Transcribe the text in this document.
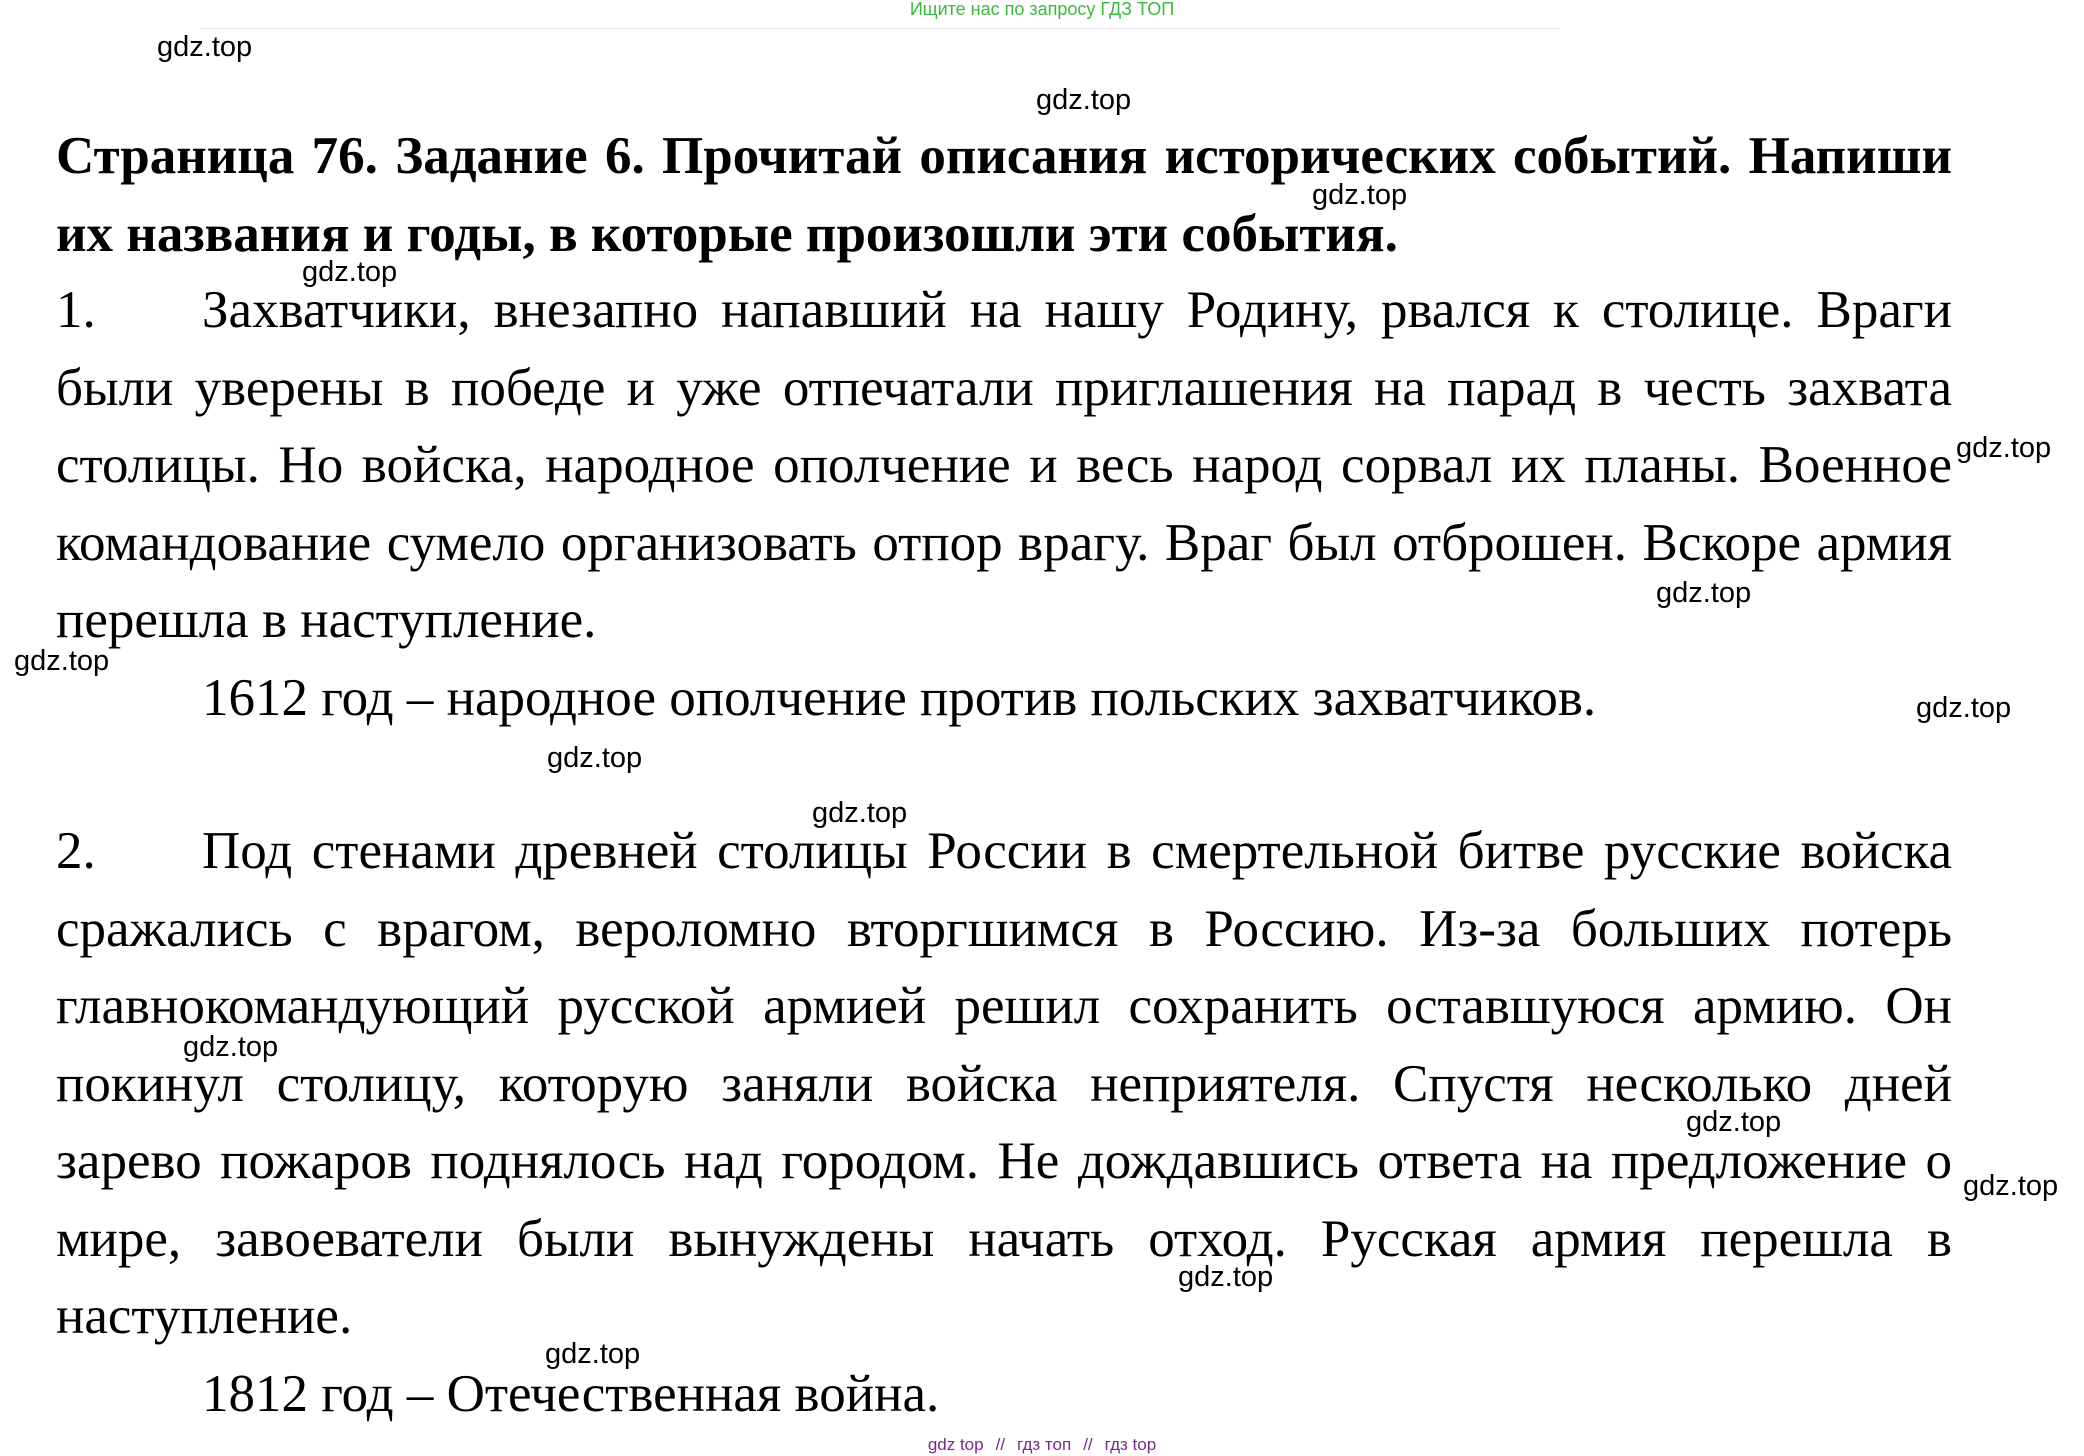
Ищите нас по запросу ГДЗ ТОП
Страница 76. Задание 6. Прочитай описания исторических событий. Напиши их названия и годы, в которые произошли эти события.
1. Захватчики, внезапно напавший на нашу Родину, рвался к столице. Враги были уверены в победе и уже отпечатали приглашения на парад в честь захвата столицы. Но войска, народное ополчение и весь народ сорвал их планы. Военное командование сумело организовать отпор врагу. Враг был отброшен. Вскоре армия перешла в наступление.
1612 год – народное ополчение против польских захватчиков.
2. Под стенами древней столицы России в смертельной битве русские войска сражались с врагом, вероломно вторгшимся в Россию. Из-за больших потерь главнокомандующий русской армией решил сохранить оставшуюся армию. Он покинул столицу, которую заняли войска неприятеля. Спустя несколько дней зарево пожаров поднялось над городом. Не дождавшись ответа на предложение о мире, завоеватели были вынуждены начать отход. Русская армия перешла в наступление.
1812 год – Отечественная война.
gdz.top
gdz.top
gdz.top
gdz.top
gdz.top
gdz.top
gdz.top
gdz.top
gdz.top
gdz.top
gdz.top
gdz.top
gdz.top
gdz.top
gdz.top
gdz top // гдз топ // гдз top
